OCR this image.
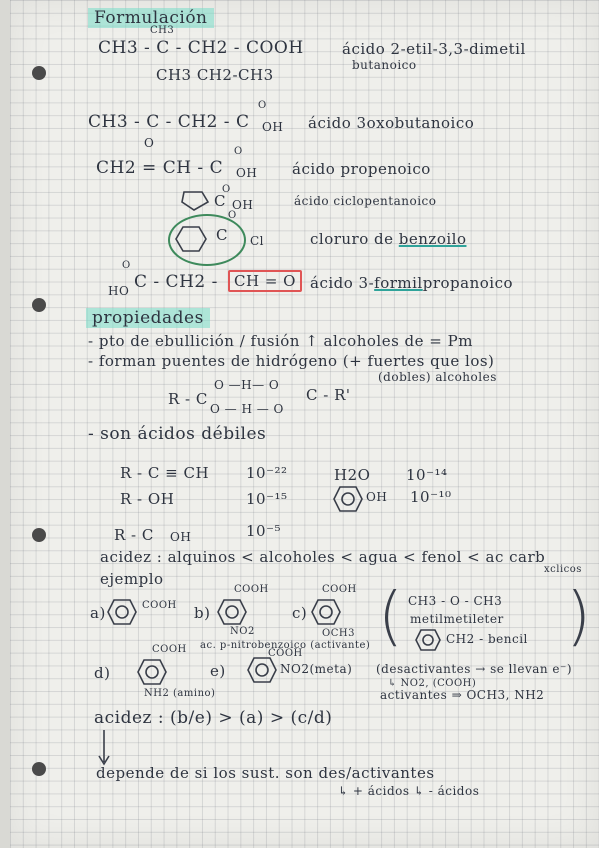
Formulación
CH3
CH3 - C - CH2 - COOH
CH3 CH2-CH3
ácido 2-etil-3,3-dimetil
butanoico
O
CH3 - C - CH2 - C OH
O
ácido 3oxobutanoico
O
CH2 = CH - C OH ácido propenoico
O
C OH	ácido ciclopentanoico
O
C Cl	cloruro de benzoilo
O
HO C - CH2 -	CH = O ácido 3-formilpropanoico
propiedades
- pto de ebullición / fusión ↑ alcoholes de = Pm
- forman puentes de hidrógeno (+ fuertes que los)
(dobles) alcoholes
O —H— O
R - C	C - R'
O — H — O
- son ácidos débiles
R - C ≡ CH 10⁻²²	H2O 10⁻¹⁴
R - OH	10⁻¹⁵	OH 10⁻¹⁰
R - C OH	10⁻⁵
acidez : alquinos < alcoholes < agua < fenol < ac carb
xclicos
ejemplo
a)	COOH b)
COOH
NO2
c)
COOH
OCH3
ac. p-nitrobenzoico (activante) (	)
CH3 - O - CH3
metilmetileter
CH2 - bencil
COOH
d)
NH2 (amino)
e)
COOH
NO2(meta) (desactivantes → se llevan e⁻)
↳ NO2, (COOH)
activantes ⇒ OCH3, NH2
acidez : (b/e) > (a) > (c/d)
depende de si los sust. son des/activantes
↳ + ácidos ↳ - ácidos
